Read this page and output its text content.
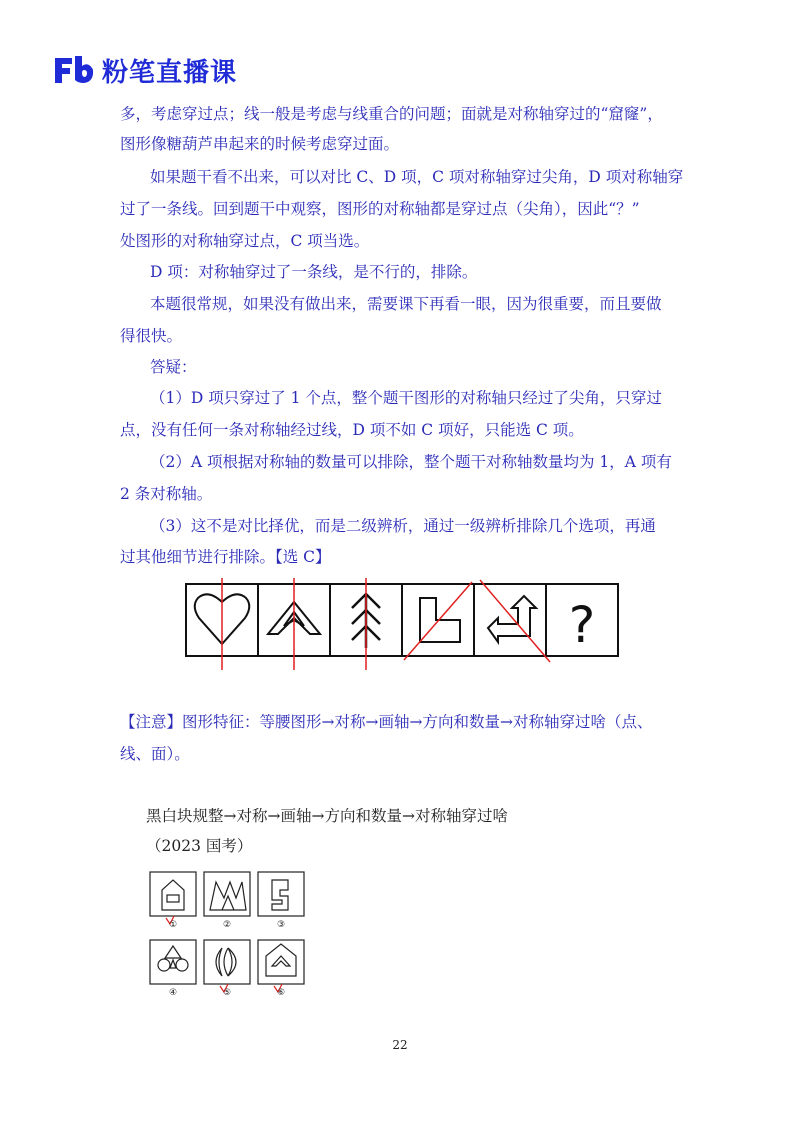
粉笔直播课
多，考虑穿过点；线一般是考虑与线重合的问题；面就是对称轴穿过的“窟窿”，
图形像糖葫芦串起来的时候考虑穿过面。
如果题干看不出来，可以对比 C、D 项，C 项对称轴穿过尖角，D 项对称轴穿
过了一条线。回到题干中观察，图形的对称轴都是穿过点（尖角），因此“？”
处图形的对称轴穿过点，C 项当选。
D 项：对称轴穿过了一条线，是不行的，排除。
本题很常规，如果没有做出来，需要课下再看一眼，因为很重要，而且要做
得很快。
答疑：
（1）D 项只穿过了 1 个点，整个题干图形的对称轴只经过了尖角，只穿过
点，没有任何一条对称轴经过线，D 项不如 C 项好，只能选 C 项。
（2）A 项根据对称轴的数量可以排除，整个题干对称轴数量均为 1，A 项有
2 条对称轴。
（3）这不是对比择优，而是二级辨析，通过一级辨析排除几个选项，再通
过其他细节进行排除。【选 C】
?
【注意】图形特征：等腰图形→对称→画轴→方向和数量→对称轴穿过啥（点、
线、面）。
黑白块规整→对称→画轴→方向和数量→对称轴穿过啥
（2023 国考）
①	②	③
④	⑤	⑥
22
